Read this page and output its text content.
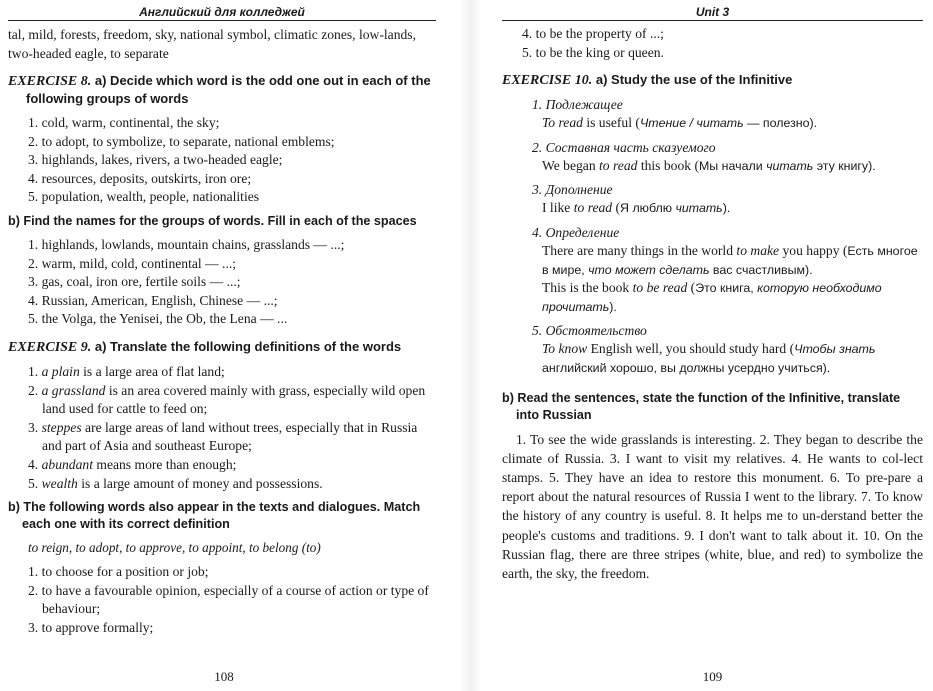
Английский для колледжей

tal, mild, forests, freedom, sky, national symbol, climatic zones, low-lands, two-headed eagle, to separate

EXERCISE 8. a) Decide which word is the odd one out in each of the
following groups of words
1. cold, warm, continental, the sky;
2. to adopt, to symbolize, to separate, national emblems;
3. highlands, lakes, rivers, a two-headed eagle;
4. resources, deposits, outskirts, iron ore;
5. population, wealth, people, nationalities
b) Find the names for the groups of words. Fill in each of the spaces
1. highlands, lowlands, mountain chains, grasslands — ...;
2. warm, mild, cold, continental — ...;
3. gas, coal, iron ore, fertile soils — ...;
4. Russian, American, English, Chinese — ...;
5. the Volga, the Yenisei, the Ob, the Lena — ...
EXERCISE 9. a) Translate the following definitions of the words
1. a plain is a large area of flat land;
2. a grassland is an area covered mainly with grass, especially wild open land used for cattle to feed on;
3. steppes are large areas of land without trees, especially that in Russia and part of Asia and southeast Europe;
4. abundant means more than enough;
5. wealth is a large amount of money and possessions.
b) The following words also appear in the texts and dialogues. Match
each one with its correct definition
to reign, to adopt, to approve, to appoint, to belong (to)
1. to choose for a position or job;
2. to have a favourable opinion, especially of a course of action or type of behaviour;
3. to approve formally;
108
Unit 3
4. to be the property of ...;
5. to be the king or queen.
EXERCISE 10. a) Study the use of the Infinitive
1. Подлежащее
To read is useful (Чтение / читать — полезно).
2. Составная часть сказуемого
We began to read this book (Мы начали читать эту книгу).
3. Дополнение
I like to read (Я люблю читать).
4. Определение
There are many things in the world to make you happy (Есть многое в мире, что может сделать вас счастливым).
This is the book to be read (Это книга, которую необходимо прочитать).
5. Обстоятельство
To know English well, you should study hard (Чтобы знать английский хорошо, вы должны усердно учиться).
b) Read the sentences, state the function of the Infinitive, translate
into Russian

1. To see the wide grasslands is interesting. 2. They began to describe the climate of Russia. 3. I want to visit my relatives. 4. He wants to col-lect stamps. 5. They have an idea to restore this monument. 6. To pre-pare a report about the natural resources of Russia I went to the library. 7. To know the history of any country is useful. 8. It helps me to un-derstand better the people's customs and traditions. 9. I don't want to talk about it. 10. On the Russian flag, there are three stripes (white, blue, and red) to symbolize the earth, the sky, the freedom.

109
